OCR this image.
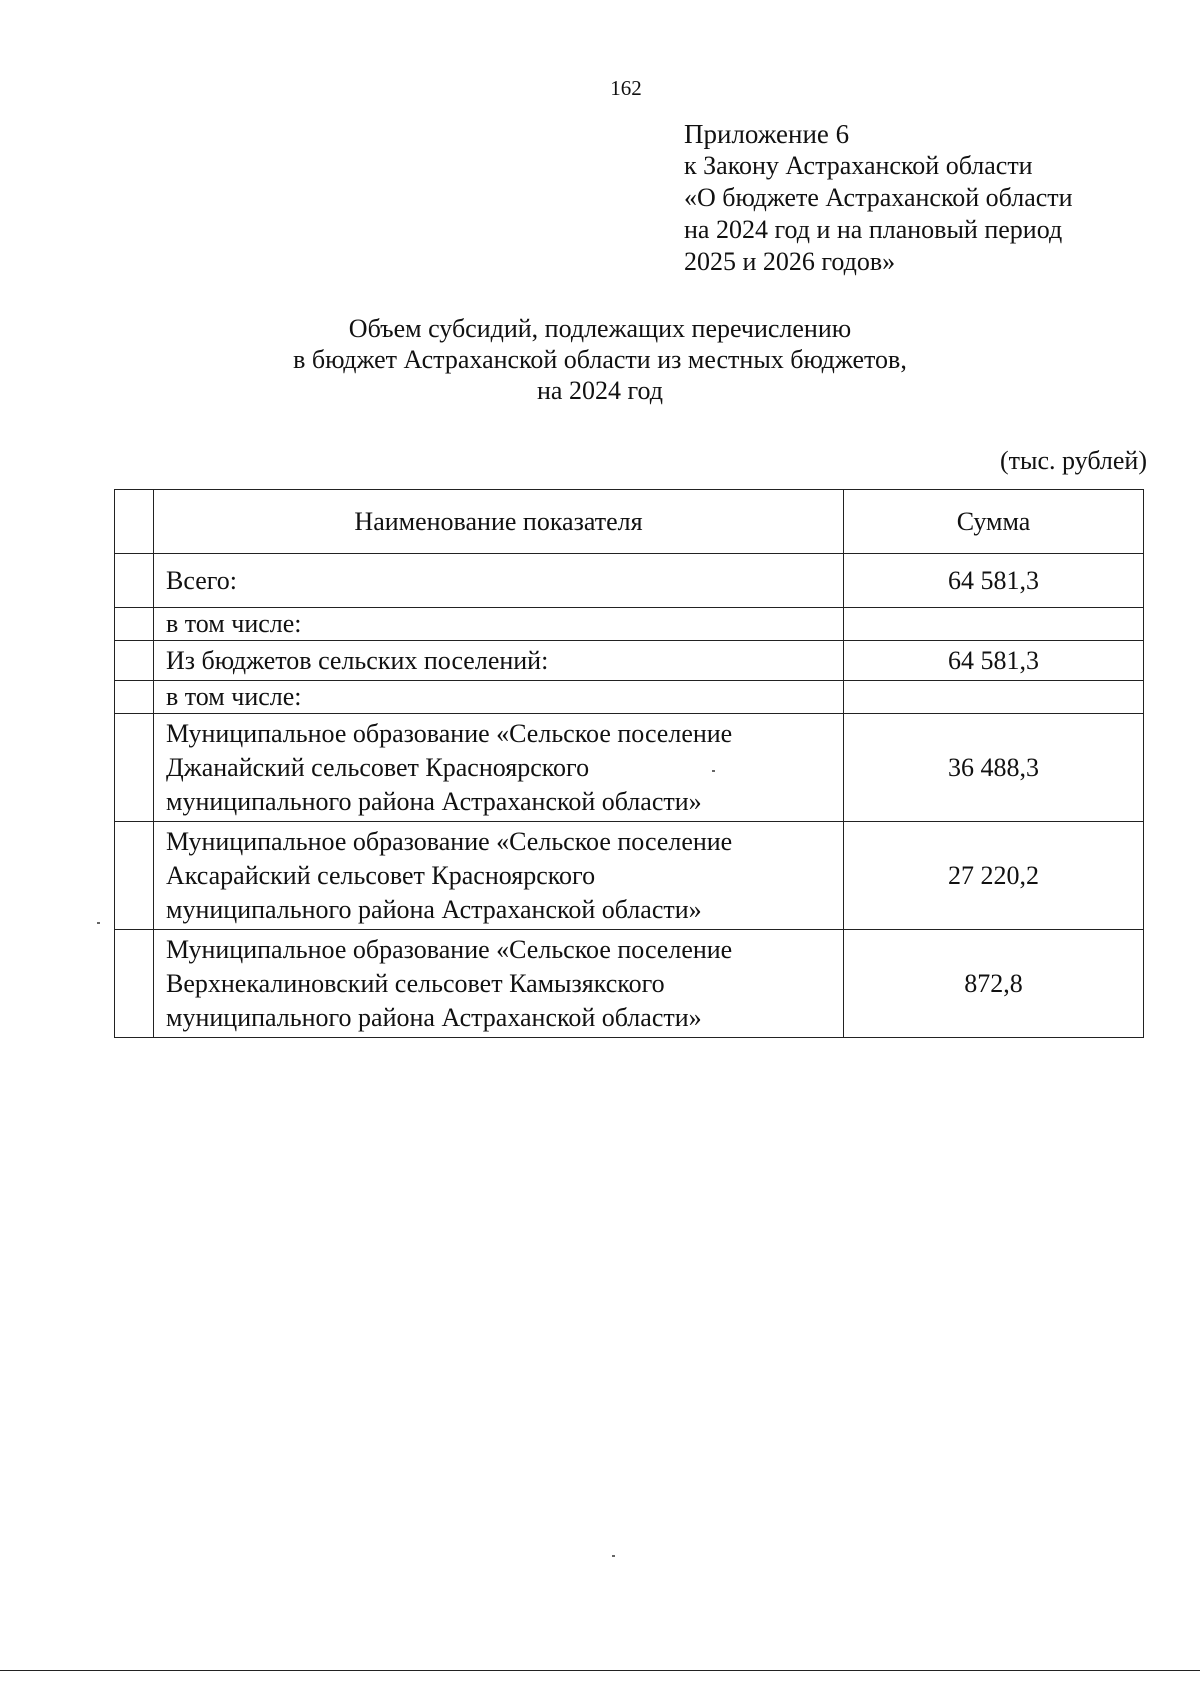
162
Приложение 6
к Закону Астраханской области
«О бюджете Астраханской области
на 2024 год и на плановый период
2025 и 2026 годов»
Объем субсидий, подлежащих перечислению
в бюджет Астраханской области из местных бюджетов,
на 2024 год
(тыс. рублей)
	Наименование показателя	Сумма
	Всего:	64 581,3
	в том числе:	
	Из бюджетов сельских поселений:	64 581,3
	в том числе:	

	Муниципальное образование «Сельское поселение
Джанайский сельсовет Красноярского
муниципального района Астраханской области»	36 488,3

	Муниципальное образование «Сельское поселение
Аксарайский сельсовет Красноярского
муниципального района Астраханской области»	27 220,2

	Муниципальное образование «Сельское поселение
Верхнекалиновский сельсовет Камызякского
муниципального района Астраханской области»	872,8
